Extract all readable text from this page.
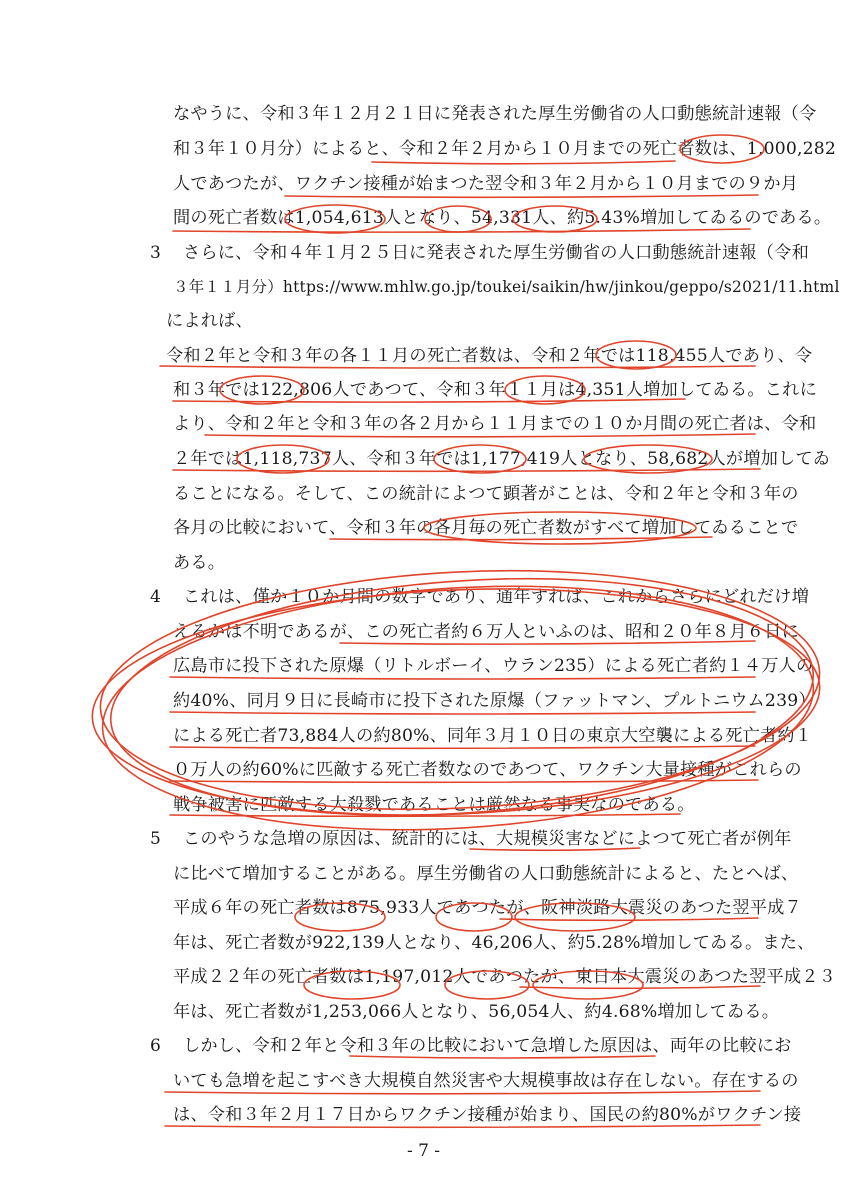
なやうに、令和３年１２月２１日に発表された厚生労働省の人口動態統計速報（令
和３年１０月分）によると、令和２年２月から１０月までの死亡者数は、1,000,282
人であつたが、ワクチン接種が始まつた翌令和３年２月から１０月までの９か月
間の死亡者数は1,054,613人となり、54,331人、約5.43%増加してゐるのである。
3 さらに、令和４年１月２５日に発表された厚生労働省の人口動態統計速報（令和
３年１１月分）https://www.mhlw.go.jp/toukei/saikin/hw/jinkou/geppo/s2021/11.html
によれば、
令和２年と令和３年の各１１月の死亡者数は、令和２年では118,455人であり、令
和３年では122,806人であつて、令和３年１１月は4,351人増加してゐる。これに
より、令和２年と令和３年の各２月から１１月までの１０か月間の死亡者は、令和
２年では1,118,737人、令和３年では1,177,419人となり、58,682人が増加してゐ
ることになる。そして、この統計によつて顕著がことは、令和２年と令和３年の
各月の比較において、令和３年の各月毎の死亡者数がすべて増加してゐることで
ある。
4 これは、僅か１０か月間の数字であり、通年すれば、これからさらにどれだけ増
えるかは不明であるが、この死亡者約６万人といふのは、昭和２０年８月６日に
広島市に投下された原爆（リトルボーイ、ウラン235）による死亡者約１４万人の
約40%、同月９日に長崎市に投下された原爆（ファットマン、プルトニウム239）
による死亡者73,884人の約80%、同年３月１０日の東京大空襲による死亡者約１
０万人の約60%に匹敵する死亡者数なのであつて、ワクチン大量接種がこれらの
戦争被害に匹敵する大殺戮であることは厳然なる事実なのである。
5 このやうな急増の原因は、統計的には、大規模災害などによつて死亡者が例年
に比べて増加することがある。厚生労働省の人口動態統計によると、たとへば、
平成６年の死亡者数は875,933人であつたが、阪神淡路大震災のあつた翌平成７
年は、死亡者数が922,139人となり、46,206人、約5.28%増加してゐる。また、
平成２２年の死亡者数は1,197,012人であつたが、東日本大震災のあつた翌平成２３
年は、死亡者数が1,253,066人となり、56,054人、約4.68%増加してゐる。
6 しかし、令和２年と令和３年の比較において急増した原因は、両年の比較にお
いても急増を起こすべき大規模自然災害や大規模事故は存在しない。存在するの
は、令和３年２月１７日からワクチン接種が始まり、国民の約80%がワクチン接
- 7 -
